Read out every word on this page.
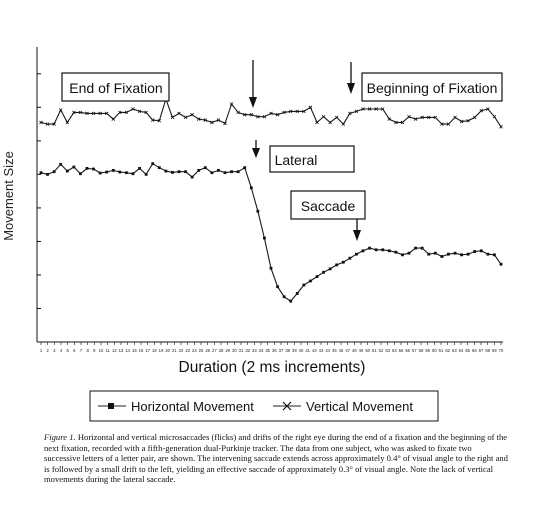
1 2 3 4 5 6 7 8 9 10 11 12 13 14 15 16 17 18 19 20 21 22 23 24 25 26 27 28 29 30 31 32 33 34 35 36 37 38 39 40 41 42 43 44 45 46 47 48 49 50 51 52 53 54 55 56 57 58 59 60 61 62 63 64 65 66 67 68 69 70
Movement Size
Duration (2 ms increments)
End of Fixation	Beginning of Fixation
Lateral
Saccade
Horizontal Movement	Vertical Movement
Figure 1. Horizontal and vertical microsaccades (flicks) and drifts of the right eye during the end of a fixation and the beginning of the next fixation, recorded with a fifth-generation dual-Purkinje tracker. The data from one subject, who was asked to fixate two successive letters of a letter pair, are shown. The intervening saccade extends across approximately 0.4° of visual angle to the right and is followed by a small drift to the left, yielding an effective saccade of approximately 0.3° of visual angle. Note the lack of vertical movements during the lateral saccade.
